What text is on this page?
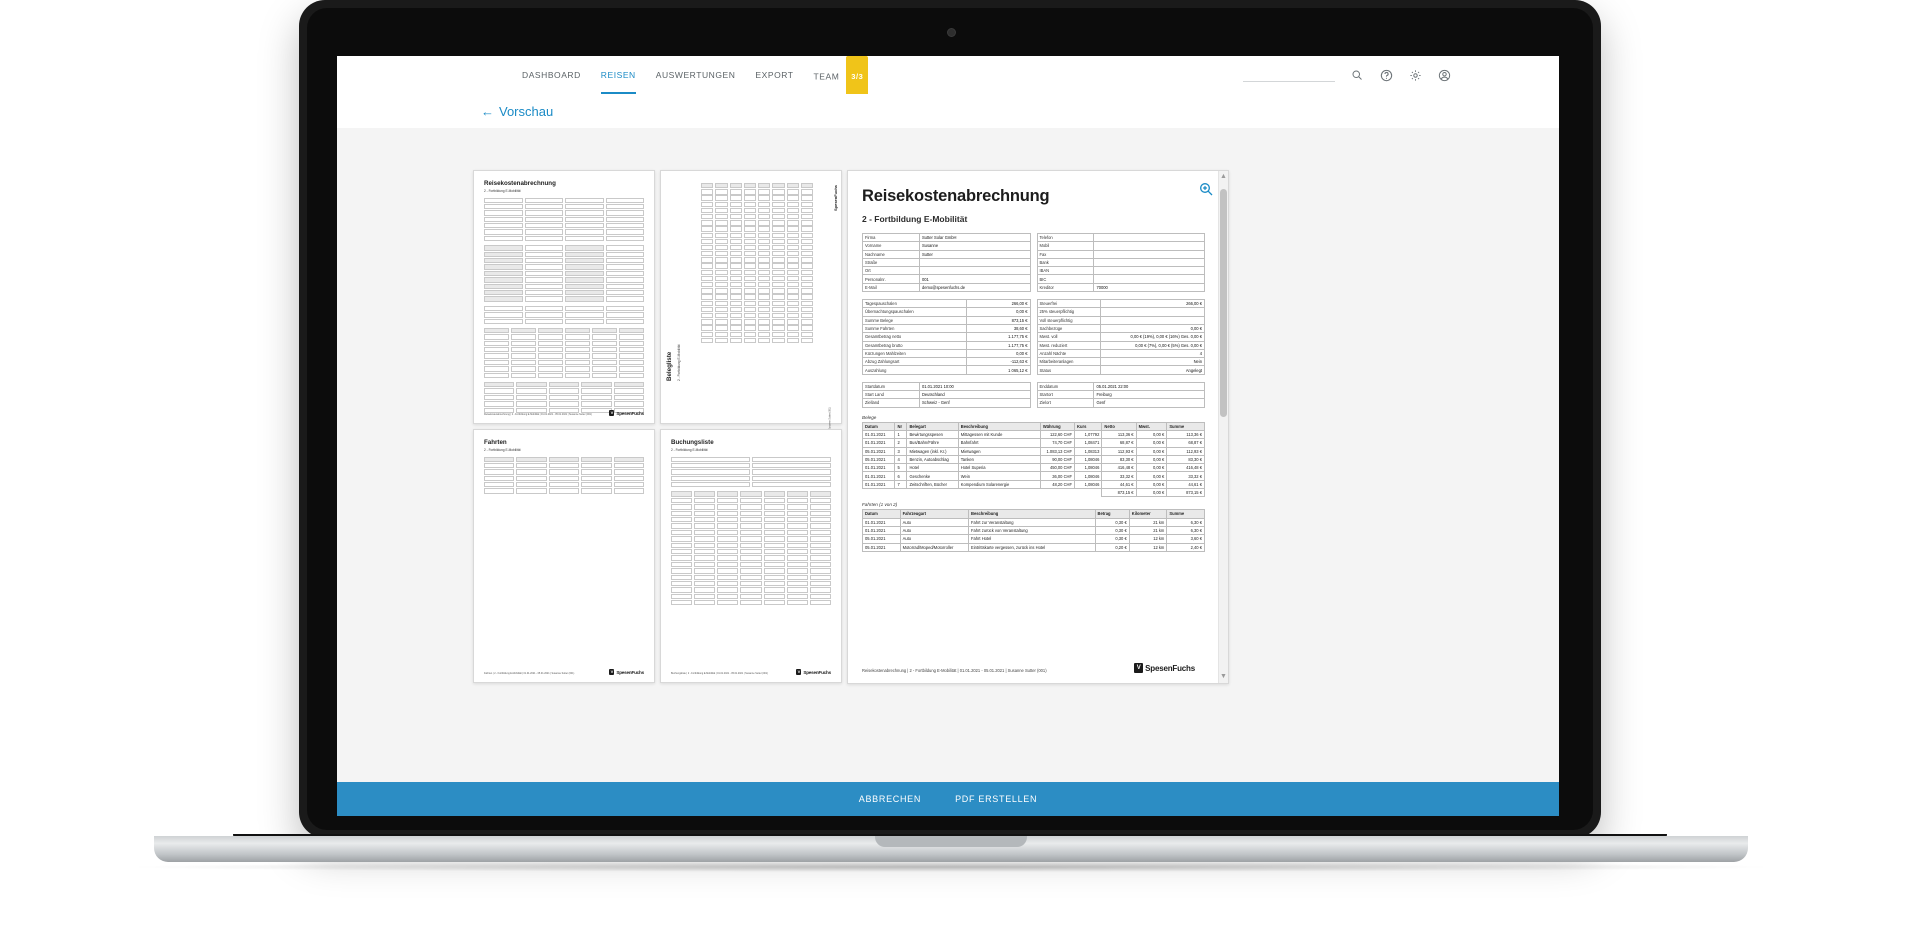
DASHBOARD REISEN AUSWERTUNGEN EXPORT TEAM 3/3
← Vorschau
Reisekostenabrechnung
2 - Fortbildung E-Mobilität
Reisekostenabrechnung | 2 - Fortbildung E-Mobilität | 01.01.2021 - 05.01.2021 | Susanne Sutter (001)	V SpesenFuchs
Belegliste 2 - Fortbildung E-Mobilität
SpesenFuchs
Fahrten
2 - Fortbildung E-Mobilität
Fahrten | 2 - Fortbildung E-Mobilität | 01.01.2021 - 05.01.2021 | Susanne Sutter (001)	V SpesenFuchs
Buchungsliste
2 - Fortbildung E-Mobilität
Buchungsliste | 2 - Fortbildung E-Mobilität | 01.01.2021 - 05.01.2021 | Susanne Sutter (001)	V SpesenFuchs
Reisekostenabrechnung
2 - Fortbildung E-Mobilität
Firma	Sutter Solar GmbH
Vorname	Susanne
Nachname	Sutter
Straße	
Ort	
Personalnr.	001
E-Mail	demo@spesenfuchs.de
Telefon	
Mobil	
Fax	
Bank	
IBAN	
BIC	
Kreditor	70000
Tagespauschalen	266,00 €
Übernachtungspauschalen	0,00 €
Summe Belege	873,15 €
Summe Fahrten	38,60 €
Gesamtbetrag netto	1.177,75 €
Gesamtbetrag brutto	1.177,75 €
Kürzungen Mahlzeiten	0,00 €
Abzug Zahlungsart	-112,63 €
Auszahlung	1 065,12 €
Steuerfrei	266,00 €
25% steuerpflichtig	
Voll steuerpflichtig	
Sachbezüge	0,00 €
Mwst. voll	0,00 € (19%), 0,00 € (16%) Ges. 0,00 €
Mwst. reduziert	0,00 € (7%), 0,00 € (5%) Ges. 0,00 €
Anzahl Nächte	4
Mitarbeiteranlagen	Nein
Status	Angelegt
Startdatum	01.01.2021 10:00
Start Land	Deutschland
Zielland	Schweiz - Genf
Enddatum	05.01.2021 22:00
Startort	Freiburg
Zielort	Genf
Belege
Datum	Nr	Belegart	Beschreibung	Währung	Kurs	Netto	Mwst.	Summe
01.01.2021	1	Bewirtungsspesen	Mittagessen mit Kunde	122,60 CHF	1,07792	113,36 €	0,00 €	113,36 €
01.01.2021	2	Bus/Bahn/Fähre	Bahnfahrt	74,70 CHF	1,08471	68,87 €	0,00 €	68,87 €
05.01.2021	3	Mietwagen (inkl. Kr.)	Mietwagen	1.083,13 CHF	1,08313	112,93 €	0,00 €	112,93 €
05.01.2021	4	Benzin, Autoabschlag	Tanken	90,00 CHF	1,08046	83,30 €	0,00 €	83,30 €
01.01.2021	5	Hotel	Hotel Superia	450,00 CHF	1,08046	416,48 €	0,00 €	416,48 €
01.01.2021	6	Geschenke	Wein	36,00 CHF	1,08046	33,32 €	0,00 €	33,32 €
01.01.2021	7	Zeitschriften, Bücher	Kompendium Solarenergie	48,20 CHF	1,08046	44,61 €	0,00 €	44,61 €
						873,15 €	0,00 €	873,15 €
Fahrten (1 von 2)
Datum	Fahrzeugart	Beschreibung	Betrag	Kilometer	Summe
01.01.2021	Auto	Fahrt zur Veranstaltung	0,30 €	21 km	6,30 €
01.01.2021	Auto	Fahrt zurück von Veranstaltung	0,30 €	21 km	6,30 €
05.01.2021	Auto	Fahrt Hotel	0,30 €	12 km	3,60 €
05.01.2021	Motorrad/Moped/Motorroller	Eintrittskarte vergessen, zurück ins Hotel	0,20 €	12 km	2,40 €
Reisekostenabrechnung | 2 - Fortbildung E-Mobilität | 01.01.2021 - 05.01.2021 | Susanne Sutter (001)	V SpesenFuchs
▲
▼
ABBRECHEN	PDF ERSTELLEN
